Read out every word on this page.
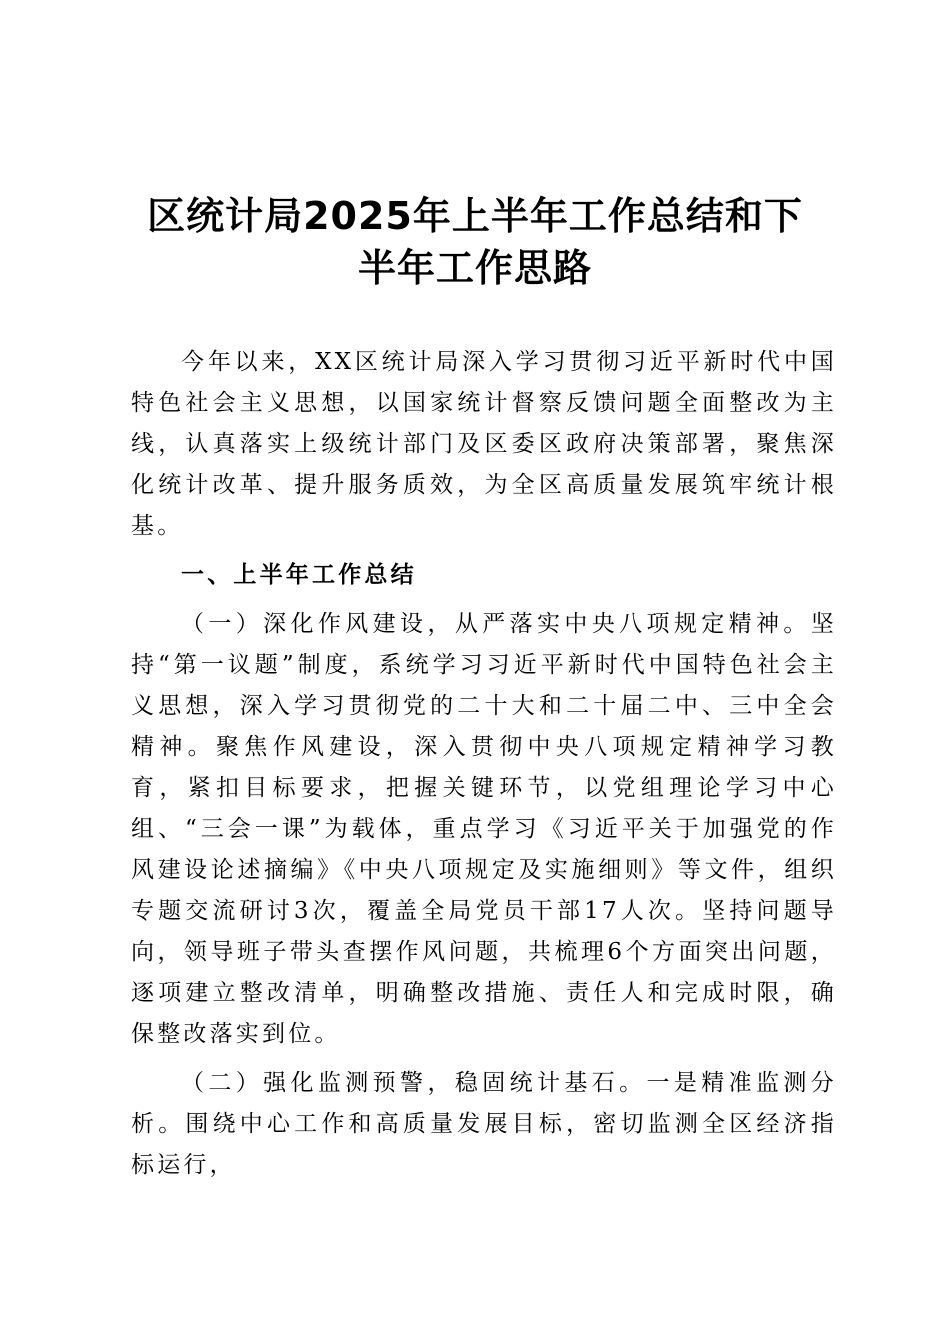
区统计局2025年上半年工作总结和下
半年工作思路

今年以来，XX区统计局深入学习贯彻习近平新时代中国特色社会主义思想，以国家统计督察反馈问题全面整改为主线，认真落实上级统计部门及区委区政府决策部署，聚焦深化统计改革、提升服务质效，为全区高质量发展筑牢统计根基。

一、上半年工作总结

（一）深化作风建设，从严落实中央八项规定精神。坚持“第一议题”制度，系统学习习近平新时代中国特色社会主义思想，深入学习贯彻党的二十大和二十届二中、三中全会精神。聚焦作风建设，深入贯彻中央八项规定精神学习教育，紧扣目标要求，把握关键环节，以党组理论学习中心组、“三会一课”为载体，重点学习《习近平关于加强党的作风建设论述摘编》《中央八项规定及实施细则》等文件，组织专题交流研讨3次，覆盖全局党员干部17人次。坚持问题导向，领导班子带头查摆作风问题，共梳理6个方面突出问题，逐项建立整改清单，明确整改措施、责任人和完成时限，确保整改落实到位。

（二）强化监测预警，稳固统计基石。一是精准监测分析。围绕中心工作和高质量发展目标，密切监测全区经济指标运行，
